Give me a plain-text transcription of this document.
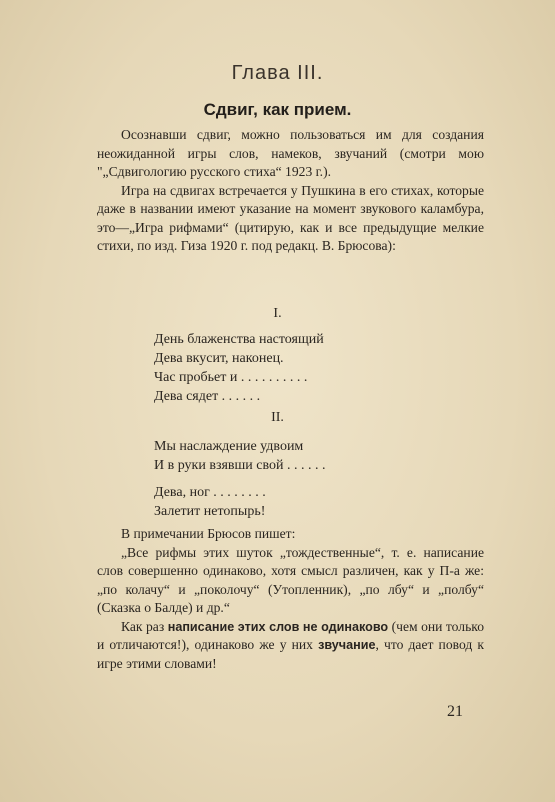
Глава III.
Сдвиг, как прием.

Осознавши сдвиг, можно пользоваться им для создания неожиданной игры слов, намеков, звучаний (смотри мою "„Сдвигологию русского стиха“ 1923 г.).

Игра на сдвигах встречается у Пушкина в его стихах, которые даже в названии имеют указание на момент звукового каламбура, это—„Игра рифмами“ (цитирую, как и все предыдущие мелкие стихи, по изд. Гиза 1920 г. под редакц. В. Брюсова):

I.
День блаженства настоящий
Дева вкусит, наконец.
Час пробьет и . . . . . . . . . .
Дева сядет . . . . . .
II.
Мы наслаждение удвоим
И в руки взявши свой . . . . . .
Дева, ног . . . . . . . .
Залетит нетопырь!

В примечании Брюсов пишет:

„Все рифмы этих шуток „тождественные“, т. е. написание слов совершенно одинаково, хотя смысл различен, как у П-а же: „по колачу“ и „поколочу“ (Утопленник), „по лбу“ и „полбу“ (Сказка о Балде) и др.“

Как раз написание этих слов не одинаково (чем они только и отличаются!), одинаково же у них звучание, что дает повод к игре этими словами!

21
